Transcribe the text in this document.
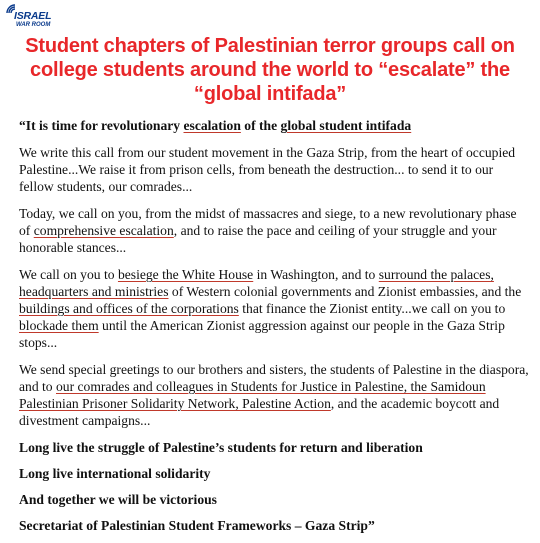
ISRAEL
WAR ROOM
Student chapters of Palestinian terror groups call on college students around the world to “escalate” the “global intifada”

“It is time for revolutionary escalation of the global student intifada

We write this call from our student movement in the Gaza Strip, from the heart of occupied Palestine...We raise it from prison cells, from beneath the destruction... to send it to our fellow students, our comrades...

Today, we call on you, from the midst of massacres and siege, to a new revolutionary phase of comprehensive escalation, and to raise the pace and ceiling of your struggle and your honorable stances...

We call on you to besiege the White House in Washington, and to surround the palaces, headquarters and ministries of Western colonial governments and Zionist embassies, and the buildings and offices of the corporations that finance the Zionist entity...we call on you to blockade them until the American Zionist aggression against our people in the Gaza Strip stops...

We send special greetings to our brothers and sisters, the students of Palestine in the diaspora, and to our comrades and colleagues in Students for Justice in Palestine, the Samidoun Palestinian Prisoner Solidarity Network, Palestine Action, and the academic boycott and divestment campaigns...

Long live the struggle of Palestine’s students for return and liberation

Long live international solidarity

And together we will be victorious

Secretariat of Palestinian Student Frameworks – Gaza Strip”
